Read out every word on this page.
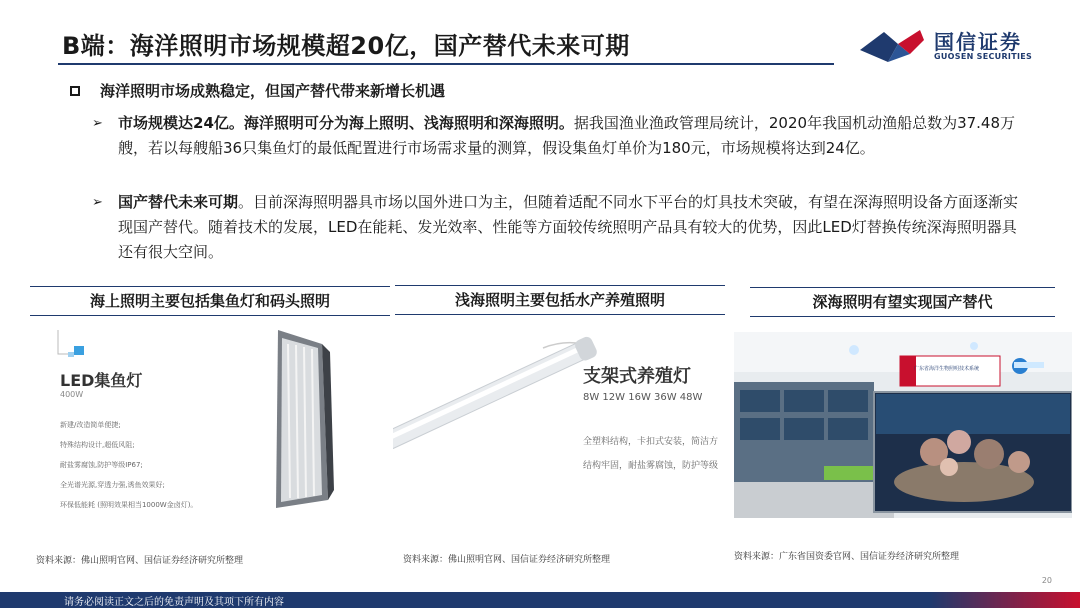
B端：海洋照明市场规模超20亿，国产替代未来可期	国信证券
GUOSEN SECURITIES
海洋照明市场成熟稳定，但国产替代带来新增长机遇
➢ 市场规模达24亿。海洋照明可分为海上照明、浅海照明和深海照明。据我国渔业渔政管理局统计，2020年我国机动渔船总数为37.48万艘，若以每艘船36只集鱼灯的最低配置进行市场需求量的测算，假设集鱼灯单价为180元，市场规模将达到24亿。
➢ 国产替代未来可期。目前深海照明器具市场以国外进口为主，但随着适配不同水下平台的灯具技术突破，有望在深海照明设备方面逐渐实现国产替代。随着技术的发展，LED在能耗、发光效率、性能等方面较传统照明产品具有较大的优势，因此LED灯替换传统深海照明器具还有很大空间。
海上照明主要包括集鱼灯和码头照明	浅海照明主要包括水产养殖照明	深海照明有望实现国产替代
LED集鱼灯
400W
新建/改造简单便捷;
特殊结构设计,超低风阻;
耐盐雾腐蚀,防护等级IP67;
全光谱光源,穿透力强,诱鱼效果好;
环保低能耗 (照明效果相当1000W金卤灯)。
支架式养殖灯
8W 12W 16W 36W 48W
全塑料结构，卡扣式安装，简洁方
结构牢固，耐盐雾腐蚀，防护等级
广东省海洋生物照明技术系统
资料来源：佛山照明官网、国信证券经济研究所整理	资料来源：佛山照明官网、国信证券经济研究所整理	资料来源：广东省国资委官网、国信证券经济研究所整理
20
请务必阅读正文之后的免责声明及其项下所有内容
